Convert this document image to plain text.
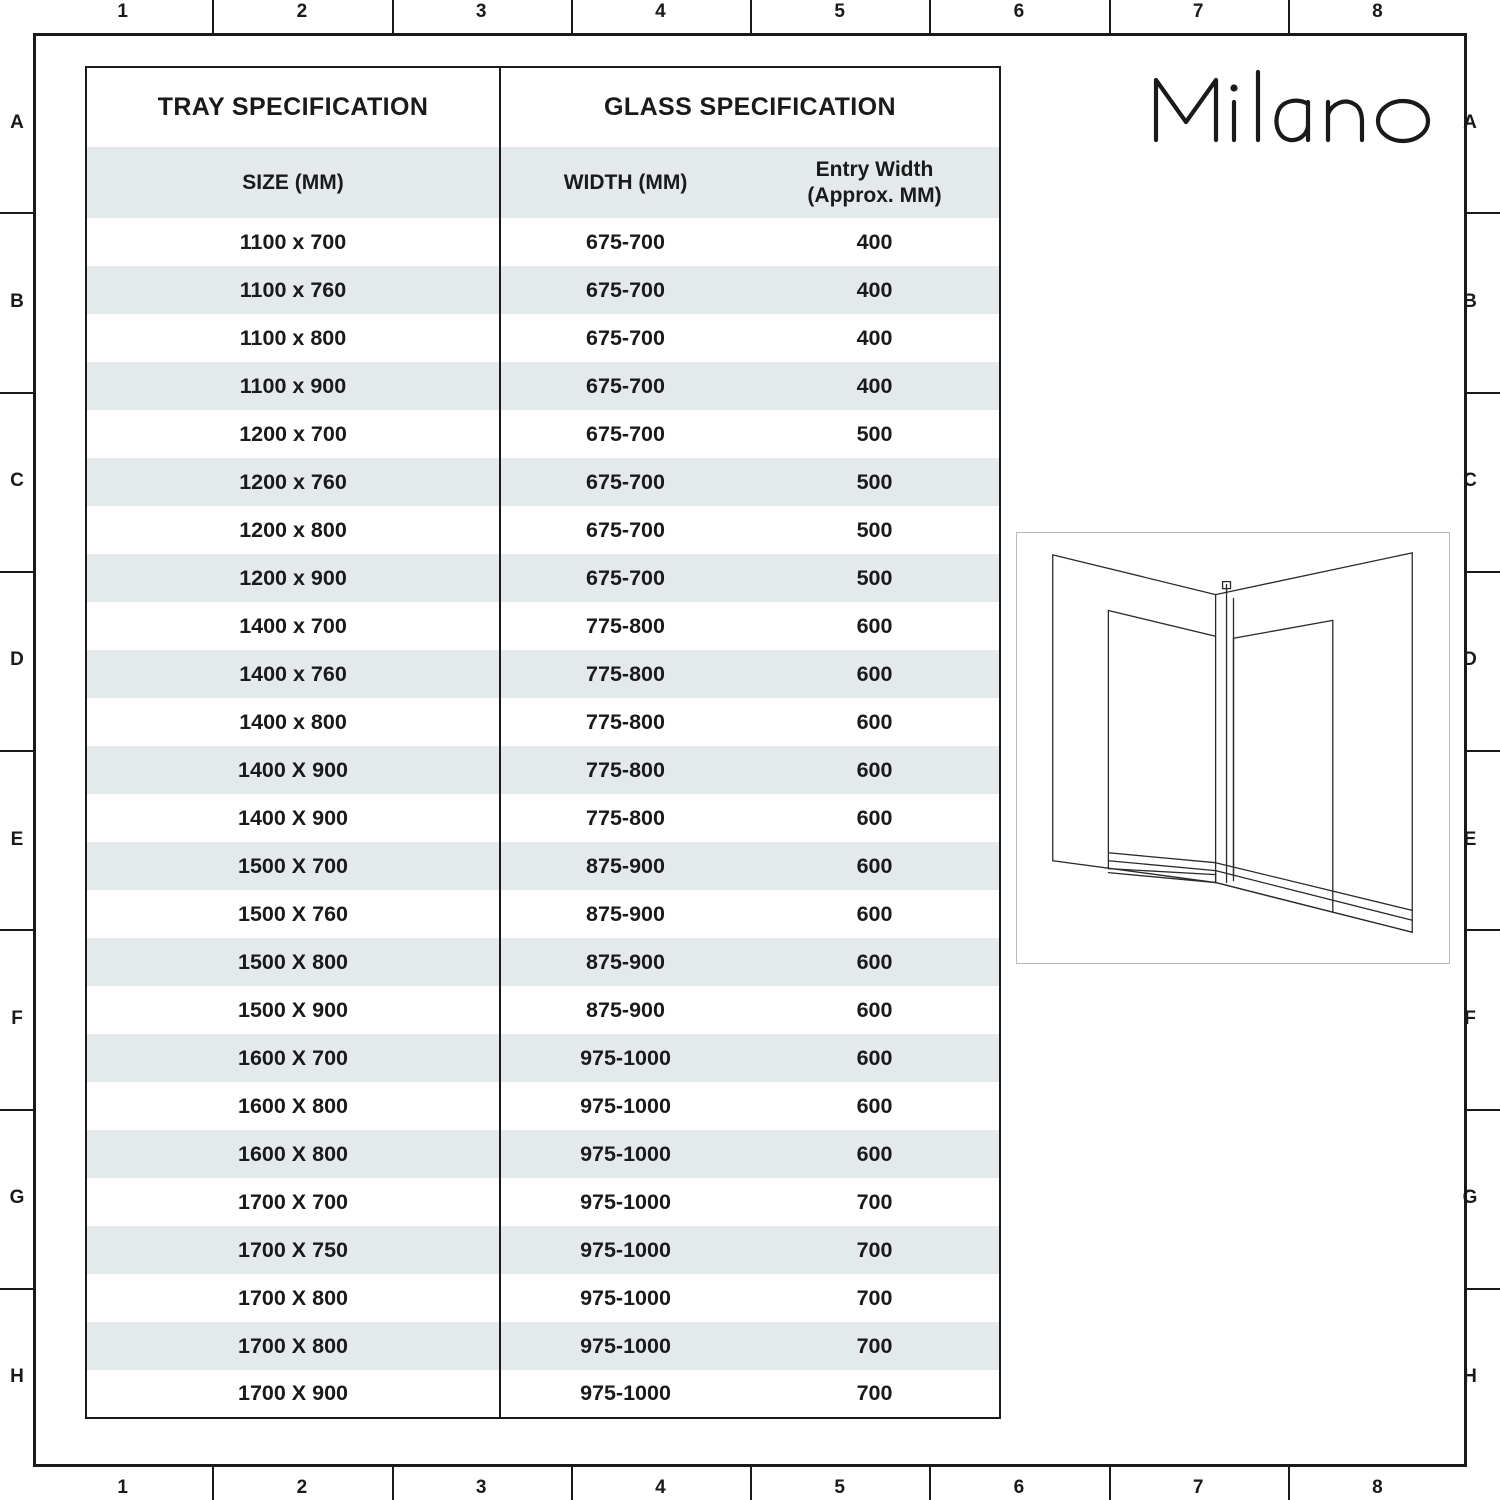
1
1
2
2
3
3
4
4
5
5
6
6
7
7
8
8
A	A
B	B
C	C
D	D
E	E
F	F
G	G
H	H
TRAY SPECIFICATION	GLASS SPECIFICATION	
SIZE (MM)	WIDTH (MM)	Entry Width
(Approx. MM)

1100 x 700	675-700	400
1100 x 760	675-700	400
1100 x 800	675-700	400
1100 x 900	675-700	400
1200 x 700	675-700	500
1200 x 760	675-700	500
1200 x 800	675-700	500
1200 x 900	675-700	500
1400 x 700	775-800	600
1400 x 760	775-800	600
1400 x 800	775-800	600
1400 X 900	775-800	600
1400 X 900	775-800	600
1500 X 700	875-900	600
1500 X 760	875-900	600
1500 X 800	875-900	600
1500 X 900	875-900	600
1600 X 700	975-1000	600
1600 X 800	975-1000	600
1600 X 800	975-1000	600
1700 X 700	975-1000	700
1700 X 750	975-1000	700
1700 X 800	975-1000	700
1700 X 800	975-1000	700
1700 X 900	975-1000	700
